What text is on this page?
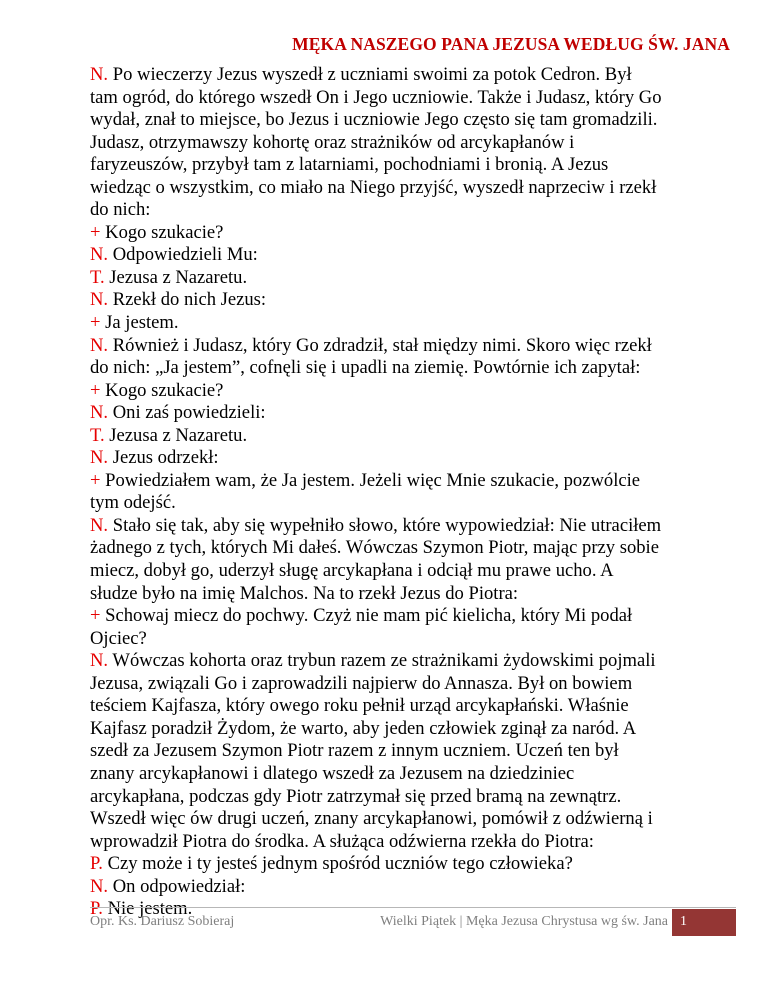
MĘKA NASZEGO PANA JEZUSA WEDŁUG ŚW. JANA

N. Po wieczerzy Jezus wyszedł z uczniami swoimi za potok Cedron. Był

tam ogród, do którego wszedł On i Jego uczniowie. Także i Judasz, który Go

wydał, znał to miejsce, bo Jezus i uczniowie Jego często się tam gromadzili.

Judasz, otrzymawszy kohortę oraz strażników od arcykapłanów i

faryzeuszów, przybył tam z latarniami, pochodniami i bronią. A Jezus

wiedząc o wszystkim, co miało na Niego przyjść, wyszedł naprzeciw i rzekł

do nich:

+ Kogo szukacie?

N. Odpowiedzieli Mu:

T. Jezusa z Nazaretu.

N. Rzekł do nich Jezus:

+ Ja jestem.

N. Również i Judasz, który Go zdradził, stał między nimi. Skoro więc rzekł

do nich: „Ja jestem”, cofnęli się i upadli na ziemię. Powtórnie ich zapytał:

+ Kogo szukacie?

N. Oni zaś powiedzieli:

T. Jezusa z Nazaretu.

N. Jezus odrzekł:

+ Powiedziałem wam, że Ja jestem. Jeżeli więc Mnie szukacie, pozwólcie

tym odejść.

N. Stało się tak, aby się wypełniło słowo, które wypowiedział: Nie utraciłem

żadnego z tych, których Mi dałeś. Wówczas Szymon Piotr, mając przy sobie

miecz, dobył go, uderzył sługę arcykapłana i odciął mu prawe ucho. A

słudze było na imię Malchos. Na to rzekł Jezus do Piotra:

+ Schowaj miecz do pochwy. Czyż nie mam pić kielicha, który Mi podał

Ojciec?

N. Wówczas kohorta oraz trybun razem ze strażnikami żydowskimi pojmali

Jezusa, związali Go i zaprowadzili najpierw do Annasza. Był on bowiem

teściem Kajfasza, który owego roku pełnił urząd arcykapłański. Właśnie

Kajfasz poradził Żydom, że warto, aby jeden człowiek zginął za naród. A

szedł za Jezusem Szymon Piotr razem z innym uczniem. Uczeń ten był

znany arcykapłanowi i dlatego wszedł za Jezusem na dziedziniec

arcykapłana, podczas gdy Piotr zatrzymał się przed bramą na zewnątrz.

Wszedł więc ów drugi uczeń, znany arcykapłanowi, pomówił z odźwierną i

wprowadził Piotra do środka. A służąca odźwierna rzekła do Piotra:

P. Czy może i ty jesteś jednym spośród uczniów tego człowieka?

N. On odpowiedział:

P. Nie jestem.

Opr. Ks. Dariusz Sobieraj	Wielki Piątek | Męka Jezusa Chrystusa wg św. Jana 1
